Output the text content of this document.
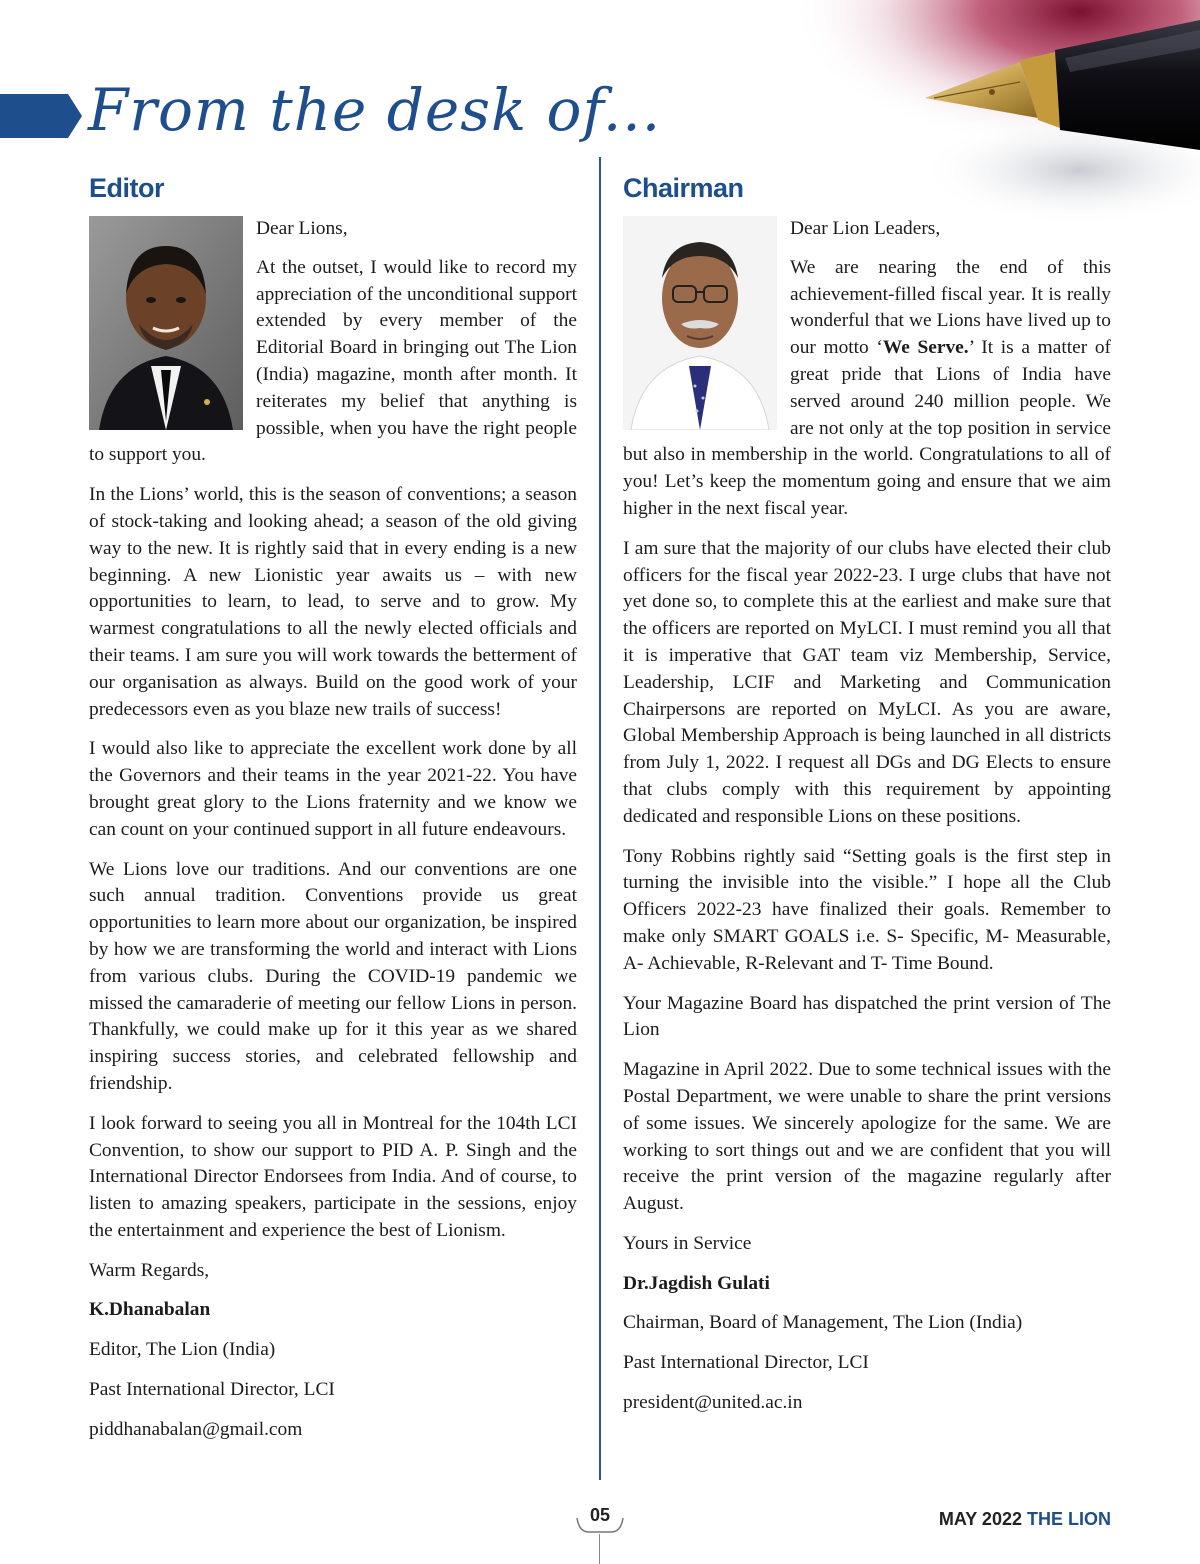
From the desk of...
Editor

Dear Lions,

At the outset, I would like to record my appreciation of the unconditional support extended by every member of the Editorial Board in bringing out The Lion (India) magazine, month after month. It reiterates my belief that anything is possible, when you have the right people to support you.

In the Lions’ world, this is the season of conventions; a season of stock-taking and looking ahead; a season of the old giving way to the new. It is rightly said that in every ending is a new beginning. A new Lionistic year awaits us – with new opportunities to learn, to lead, to serve and to grow. My warmest congratulations to all the newly elected officials and their teams. I am sure you will work towards the betterment of our organisation as always. Build on the good work of your predecessors even as you blaze new trails of success!

I would also like to appreciate the excellent work done by all the Governors and their teams in the year 2021-22. You have brought great glory to the Lions fraternity and we know we can count on your continued support in all future endeavours.

We Lions love our traditions. And our conventions are one such annual tradition. Conventions provide us great opportunities to learn more about our organization, be inspired by how we are transforming the world and interact with Lions from various clubs. During the COVID-19 pandemic we missed the camaraderie of meeting our fellow Lions in person. Thankfully, we could make up for it this year as we shared inspiring success stories, and celebrated fellowship and friendship.

I look forward to seeing you all in Montreal for the 104th LCI Convention, to show our support to PID A. P. Singh and the International Director Endorsees from India. And of course, to listen to amazing speakers, participate in the sessions, enjoy the entertainment and experience the best of Lionism.

Warm Regards,

K.Dhanabalan

Editor, The Lion (India)

Past International Director, LCI

piddhanabalan@gmail.com

Chairman

Dear Lion Leaders,

We are nearing the end of this achievement-filled fiscal year. It is really wonderful that we Lions have lived up to our motto ‘We Serve.’ It is a matter of great pride that Lions of India have served around 240 million people. We are not only at the top position in service but also in membership in the world. Congratulations to all of you! Let’s keep the momentum going and ensure that we aim higher in the next fiscal year.

I am sure that the majority of our clubs have elected their club officers for the fiscal year 2022-23. I urge clubs that have not yet done so, to complete this at the earliest and make sure that the officers are reported on MyLCI. I must remind you all that it is imperative that GAT team viz Membership, Service, Leadership, LCIF and Marketing and Communication Chairpersons are reported on MyLCI. As you are aware, Global Membership Approach is being launched in all districts from July 1, 2022. I request all DGs and DG Elects to ensure that clubs comply with this requirement by appointing dedicated and responsible Lions on these positions.

Tony Robbins rightly said “Setting goals is the first step in turning the invisible into the visible.” I hope all the Club Officers 2022-23 have finalized their goals. Remember to make only SMART GOALS i.e. S- Specific, M- Measurable, A- Achievable, R-Relevant and T- Time Bound.

Your Magazine Board has dispatched the print version of The Lion

Magazine in April 2022. Due to some technical issues with the Postal Department, we were unable to share the print versions of some issues. We sincerely apologize for the same. We are working to sort things out and we are confident that you will receive the print version of the magazine regularly after August.

Yours in Service

Dr.Jagdish Gulati

Chairman, Board of Management, The Lion (India)

Past International Director, LCI

president@united.ac.in

05	MAY 2022 THE LION
